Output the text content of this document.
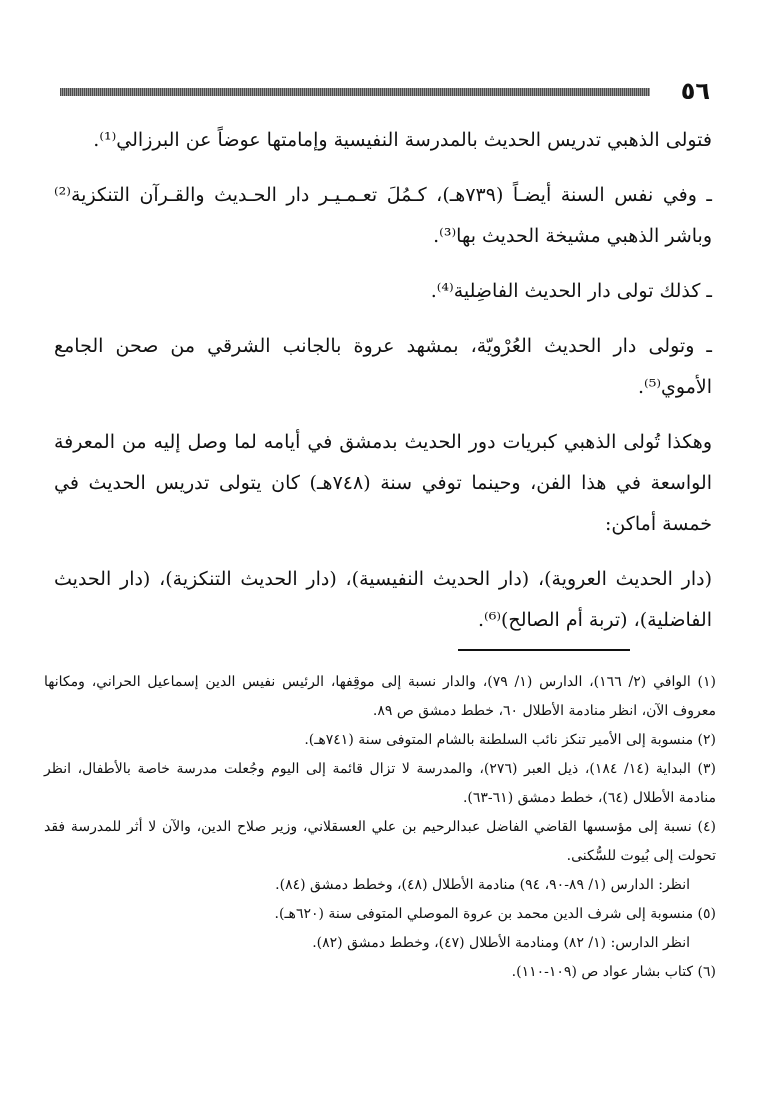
٥٦

فتولى الذهبي تدريس الحديث بالمدرسة النفيسية وإمامتها عوضاً عن البرزالي⁽¹⁾.

ـ وفي نفس السنة أيضـاً (٧٣٩هـ)، كـمُلَ تعـمـيـر دار الحـديث والقـرآن التنكزية⁽²⁾ وباشر الذهبي مشيخة الحديث بها⁽³⁾.

ـ كذلك تولى دار الحديث الفاضِلية⁽⁴⁾.

ـ وتولى دار الحديث العُرْويّة، بمشهد عروة بالجانب الشرقي من صحن الجامع الأموي⁽⁵⁾.

وهكذا تُولى الذهبي كبريات دور الحديث بدمشق في أيامه لما وصل إليه من المعرفة الواسعة في هذا الفن، وحينما توفي سنة (٧٤٨هـ) كان يتولى تدريس الحديث في خمسة أماكن:

(دار الحديث العروية)، (دار الحديث النفيسية)، (دار الحديث التنكزية)، (دار الحديث الفاضلية)، (تربة أم الصالح)⁽⁶⁾.

(١) الوافي (٢/ ١٦٦)، الدارس (١/ ٧٩)، والدار نسبة إلى موقِفها، الرئيس نفيس الدين إسماعيل الحراني، ومكانها معروف الآن، انظر منادمة الأطلال ٦٠، خطط دمشق ص ٨٩.

(٢) منسوبة إلى الأمير تنكز نائب السلطنة بالشام المتوفى سنة (٧٤١هـ).

(٣) البداية (١٤/ ١٨٤)، ذيل العبر (٢٧٦)، والمدرسة لا تزال قائمة إلى اليوم وجُعلت مدرسة خاصة بالأطفال، انظر منادمة الأطلال (٦٤)، خطط دمشق (٦١-٦٣).

(٤) نسبة إلى مؤسسها القاضي الفاضل عبدالرحيم بن علي العسقلاني، وزير صلاح الدين، والآن لا أثر للمدرسة فقد تحولت إلى بُيوت للسُّكنى.

انظر: الدارس (١/ ٨٩-٩٠، ٩٤) منادمة الأطلال (٤٨)، وخطط دمشق (٨٤).

(٥) منسوبة إلى شرف الدين محمد بن عروة الموصلي المتوفى سنة (٦٢٠هـ).

انظر الدارس: (١/ ٨٢) ومنادمة الأطلال (٤٧)، وخطط دمشق (٨٢).

(٦) كتاب بشار عواد ص (١٠٩-١١٠).
